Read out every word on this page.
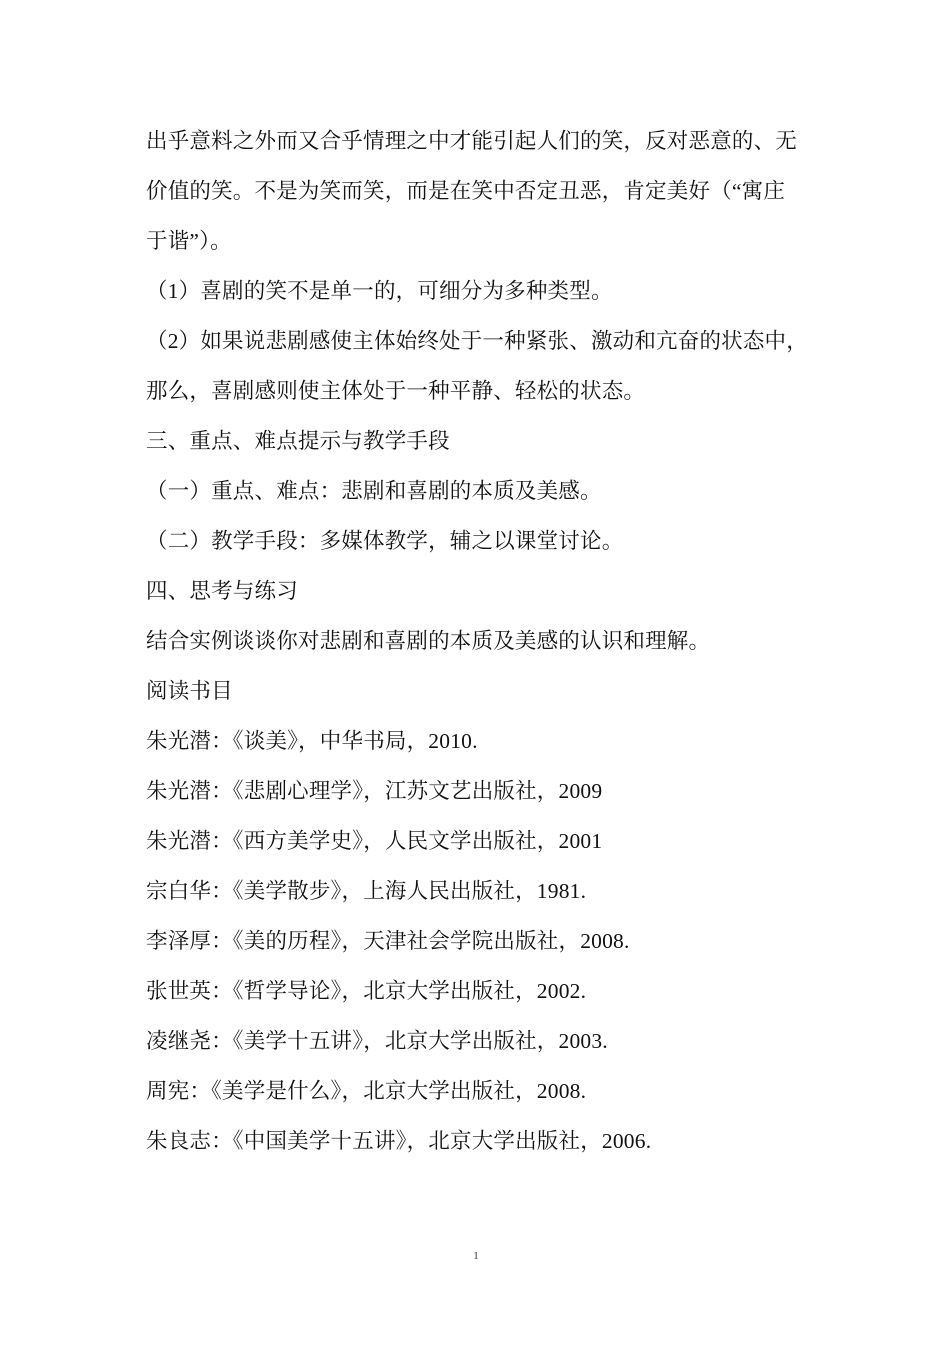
出乎意料之外而又合乎情理之中才能引起人们的笑，反对恶意的、无
价值的笑。不是为笑而笑，而是在笑中否定丑恶，肯定美好（“寓庄
于谐”）。
（1）喜剧的笑不是单一的，可细分为多种类型。
（2）如果说悲剧感使主体始终处于一种紧张、激动和亢奋的状态中，
那么，喜剧感则使主体处于一种平静、轻松的状态。
三、重点、难点提示与教学手段
（一）重点、难点：悲剧和喜剧的本质及美感。
（二）教学手段：多媒体教学，辅之以课堂讨论。
四、思考与练习
结合实例谈谈你对悲剧和喜剧的本质及美感的认识和理解。
阅读书目
朱光潜：《谈美》，中华书局，2010.
朱光潜：《悲剧心理学》，江苏文艺出版社，2009
朱光潜：《西方美学史》，人民文学出版社，2001
宗白华：《美学散步》，上海人民出版社，1981.
李泽厚：《美的历程》，天津社会学院出版社，2008.
张世英：《哲学导论》，北京大学出版社，2002.
凌继尧：《美学十五讲》，北京大学出版社，2003.
周宪：《美学是什么》，北京大学出版社，2008.
朱良志：《中国美学十五讲》，北京大学出版社，2006.
1
